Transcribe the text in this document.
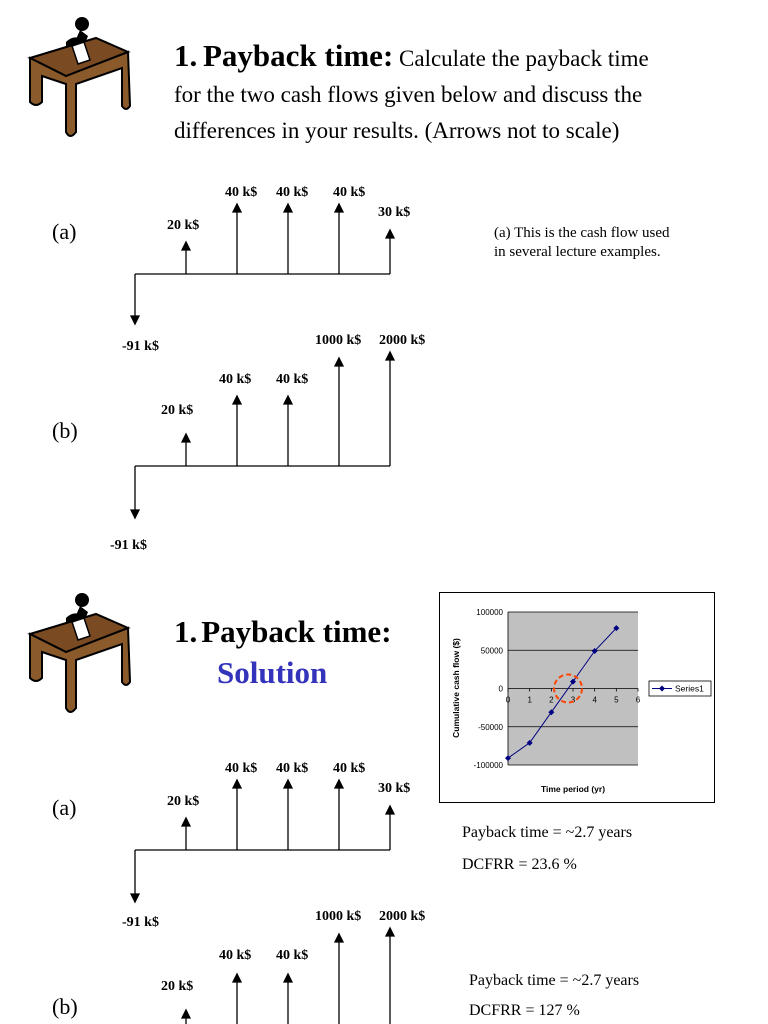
1. Payback time: Calculate the payback time
for the two cash flows given below and discuss the
differences in your results. (Arrows not to scale)
(a)	20 k$
40 k$ 40 k$ 40 k$
30 k$
-91 k$
(a) This is the cash flow used
in several lecture examples.
(b)
20 k$
40 k$ 40 k$
1000 k$ 2000 k$
-91 k$
1. Payback time:
Solution
100000
50000
0
-50000
-100000
0 1 2 3 4 5 6
Time period (yr)
Cumulative cash flow ($)	Series1
(a)	20 k$
40 k$ 40 k$ 40 k$
30 k$
-91 k$
Payback time = ~2.7 years
DCFRR = 23.6 %
(b)
20 k$
40 k$ 40 k$
1000 k$ 2000 k$
Payback time = ~2.7 years
DCFRR = 127 %
